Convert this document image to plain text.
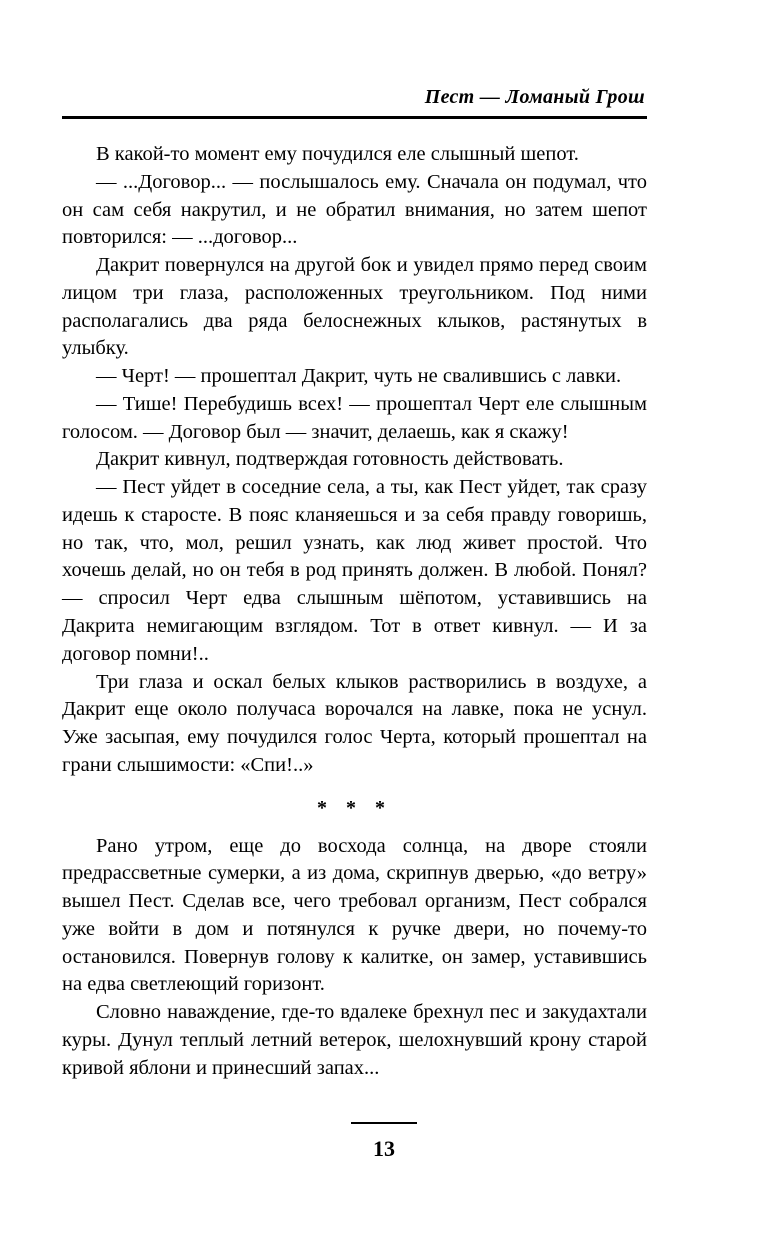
Пест — Ломаный Грош

В какой-то момент ему почудился еле слышный шепот.

— ...Договор... — послышалось ему. Сначала он подумал, что он сам себя накрутил, и не обратил внимания, но затем шепот повторился: — ...договор...

Дакрит повернулся на другой бок и увидел прямо перед своим лицом три глаза, расположенных треугольником. Под ними располагались два ряда белоснежных клыков, растянутых в улыбку.

— Черт! — прошептал Дакрит, чуть не свалившись с лавки.

— Тише! Перебудишь всех! — прошептал Черт еле слышным голосом. — Договор был — значит, делаешь, как я скажу!

Дакрит кивнул, подтверждая готовность действовать.

— Пест уйдет в соседние села, а ты, как Пест уйдет, так сразу идешь к старосте. В пояс кланяешься и за себя правду говоришь, но так, что, мол, решил узнать, как люд живет простой. Что хочешь делай, но он тебя в род принять должен. В любой. Понял? — спросил Черт едва слышным шёпотом, уставившись на Дакрита немигающим взглядом. Тот в ответ кивнул. — И за договор помни!..

Три глаза и оскал белых клыков растворились в воздухе, а Дакрит еще около получаса ворочался на лавке, пока не уснул. Уже засыпая, ему почудился голос Черта, который прошептал на грани слышимости: «Спи!..»

* * *

Рано утром, еще до восхода солнца, на дворе стояли предрассветные сумерки, а из дома, скрипнув дверью, «до ветру» вышел Пест. Сделав все, чего требовал организм, Пест собрался уже войти в дом и потянулся к ручке двери, но почему-то остановился. Повернув голову к калитке, он замер, уставившись на едва светлеющий горизонт.

Словно наваждение, где-то вдалеке брехнул пес и закудахтали куры. Дунул теплый летний ветерок, шелохнувший крону старой кривой яблони и принесший запах...

13
